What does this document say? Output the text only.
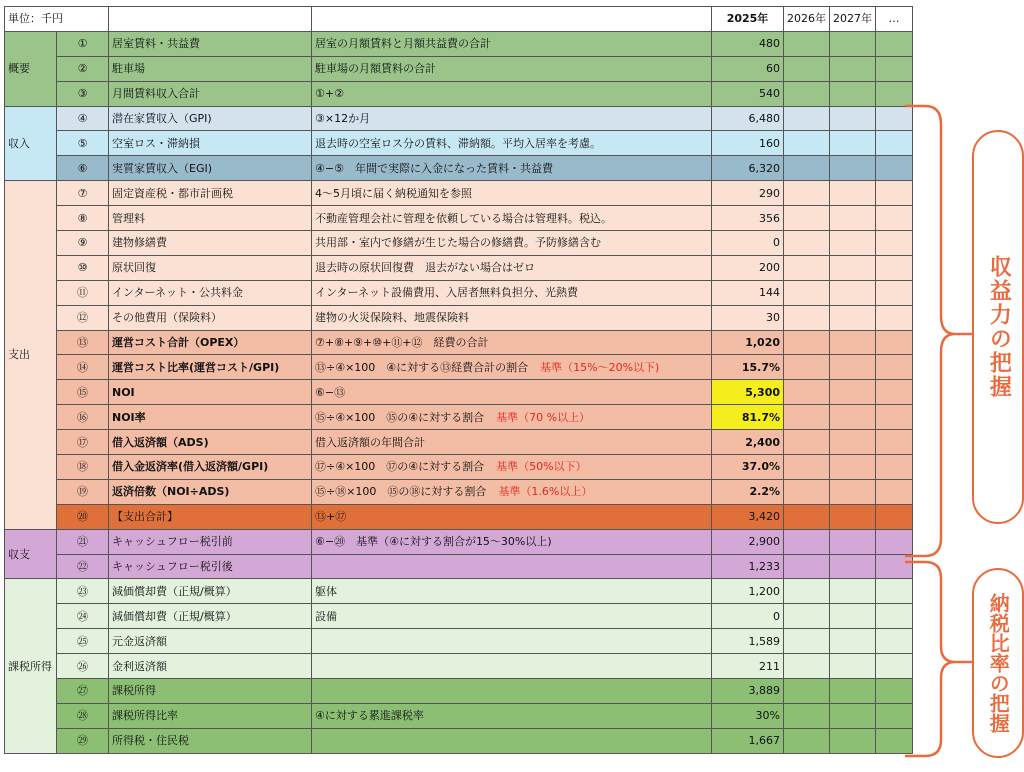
単位：千円				2025年	2026年	2027年	…
概要	①	居室賃料・共益費	居室の月額賃料と月額共益費の合計	480			
	②	駐車場	駐車場の月額賃料の合計	60			
	③	月間賃料収入合計	①+②	540			
収入	④	潜在家賃収入（GPI)	③×12か月	6,480			
	⑤	空室ロス・滞納損	退去時の空室ロス分の賃料、滞納額。平均入居率を考慮。	160			
	⑥	実質家賃収入（EGI)	④−⑤　年間で実際に入金になった賃料・共益費	6,320			
支出	⑦	固定資産税・都市計画税	4〜5月頃に届く納税通知を参照	290			
	⑧	管理料	不動産管理会社に管理を依頼している場合は管理料。税込。	356			
	⑨	建物修繕費	共用部・室内で修繕が生じた場合の修繕費。予防修繕含む	0			
	⑩	原状回復	退去時の原状回復費　退去がない場合はゼロ	200			
	⑪	インターネット・公共料金	インターネット設備費用、入居者無料負担分、光熱費	144			
	⑫	その他費用（保険料）	建物の火災保険料、地震保険料	30			
	⑬	運営コスト合計（OPEX）	⑦+⑧+⑨+⑩+⑪+⑫　経費の合計	1,020			
	⑭	運営コスト比率(運営コスト/GPI)	⑬÷④×100　④に対する⑬経費合計の割合 基準（15%〜20%以下)	15.7%			
	⑮	NOI	⑥−⑬	5,300			
	⑯	NOI率	⑮÷④×100　⑮の④に対する割合 基準（70 %以上）	81.7%			
	⑰	借入返済額（ADS)	借入返済額の年間合計	2,400			
	⑱	借入金返済率(借入返済額/GPI)	⑰÷④×100　⑰の④に対する割合 基準（50%以下）	37.0%			
	⑲	返済倍数（NOI÷ADS)	⑮÷⑱×100　⑮の⑱に対する割合 基準（1.6%以上）	2.2%			
	⑳	【支出合計】	⑬+⑰	3,420			
収支	㉑	キャッシュフロー税引前	⑥−⑳　基準（④に対する割合が15〜30%以上)	2,900			
	㉒	キャッシュフロー税引後		1,233			
課税所得	㉓	減価償却費（正規/概算）	躯体	1,200			
	㉔	減価償却費（正規/概算）	設備	0			
	㉕	元金返済額		1,589			
	㉖	金利返済額		211			
	㉗	課税所得		3,889			
	㉘	課税所得比率	④に対する累進課税率	30%			
	㉙	所得税・住民税		1,667			
収益力の把握
納税比率の把握
